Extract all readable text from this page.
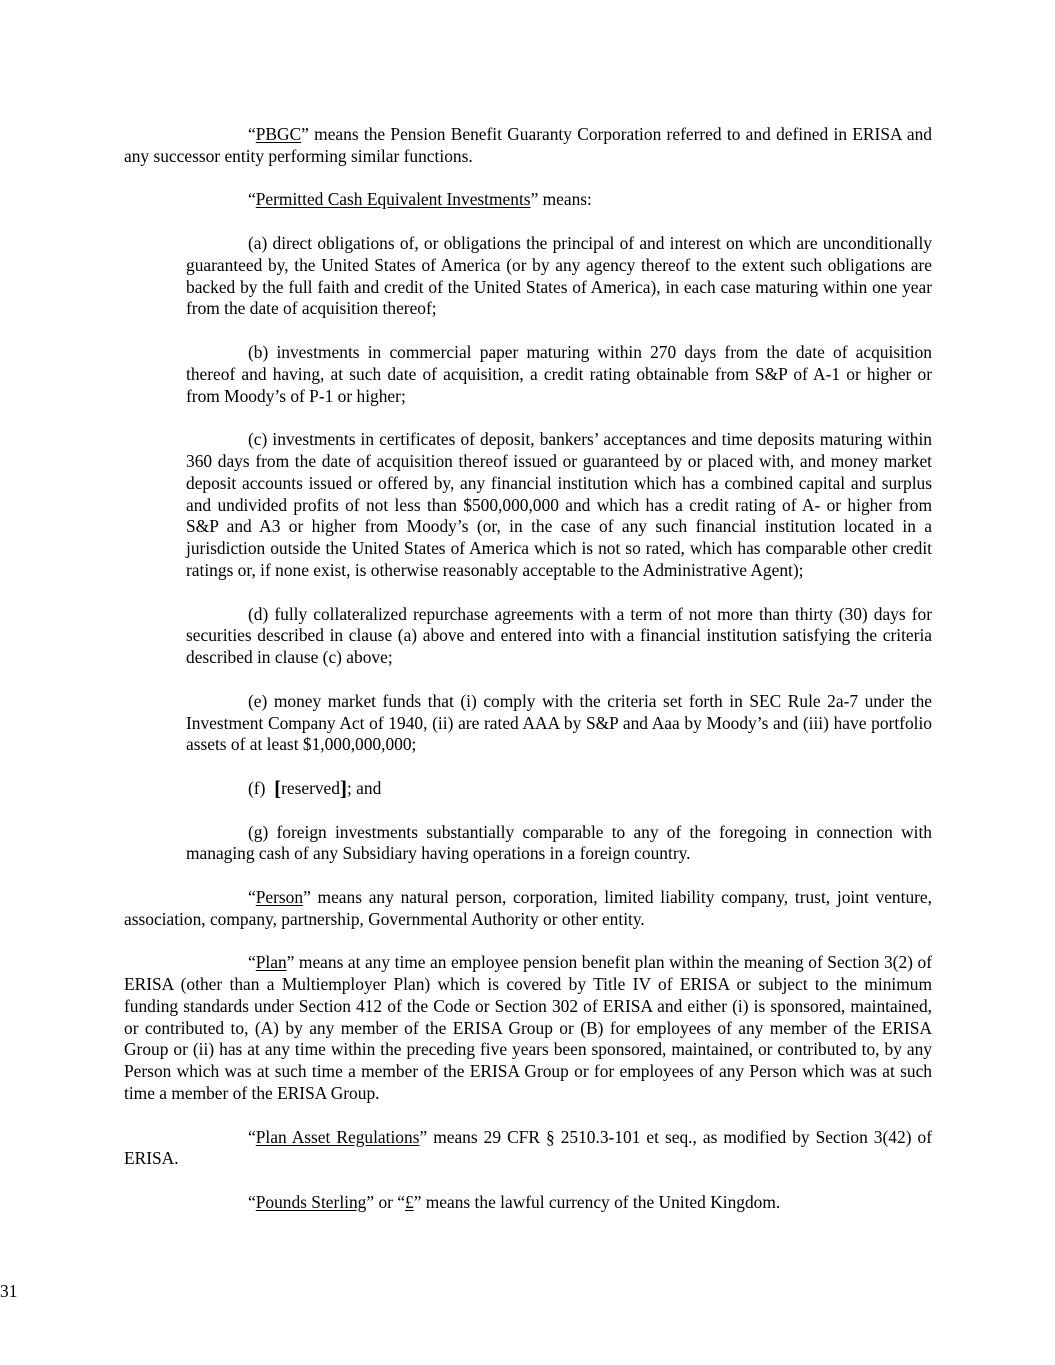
“PBGC” means the Pension Benefit Guaranty Corporation referred to and defined in ERISA and any successor entity performing similar functions.

“Permitted Cash Equivalent Investments” means:

(a) direct obligations of, or obligations the principal of and interest on which are unconditionally guaranteed by, the United States of America (or by any agency thereof to the extent such obligations are backed by the full faith and credit of the United States of America), in each case maturing within one year from the date of acquisition thereof;

(b) investments in commercial paper maturing within 270 days from the date of acquisition thereof and having, at such date of acquisition, a credit rating obtainable from S&P of A-1 or higher or from Moody’s of P-1 or higher;

(c) investments in certificates of deposit, bankers’ acceptances and time deposits maturing within 360 days from the date of acquisition thereof issued or guaranteed by or placed with, and money market deposit accounts issued or offered by, any financial institution which has a combined capital and surplus and undivided profits of not less than $500,000,000 and which has a credit rating of A- or higher from S&P and A3 or higher from Moody’s (or, in the case of any such financial institution located in a jurisdiction outside the United States of America which is not so rated, which has comparable other credit ratings or, if none exist, is otherwise reasonably acceptable to the Administrative Agent);

(d) fully collateralized repurchase agreements with a term of not more than thirty (30) days for securities described in clause (a) above and entered into with a financial institution satisfying the criteria described in clause (c) above;

(e) money market funds that (i) comply with the criteria set forth in SEC Rule 2a-7 under the Investment Company Act of 1940, (ii) are rated AAA by S&P and Aaa by Moody’s and (iii) have portfolio assets of at least $1,000,000,000;

(f)  [reserved]; and

(g) foreign investments substantially comparable to any of the foregoing in connection with managing cash of any Subsidiary having operations in a foreign country.

“Person” means any natural person, corporation, limited liability company, trust, joint venture, association, company, partnership, Governmental Authority or other entity.

“Plan” means at any time an employee pension benefit plan within the meaning of Section 3(2) of ERISA (other than a Multiemployer Plan) which is covered by Title IV of ERISA or subject to the minimum funding standards under Section 412 of the Code or Section 302 of ERISA and either (i) is sponsored, maintained, or contributed to, (A) by any member of the ERISA Group or (B) for employees of any member of the ERISA Group or (ii) has at any time within the preceding five years been sponsored, maintained, or contributed to, by any Person which was at such time a member of the ERISA Group or for employees of any Person which was at such time a member of the ERISA Group.

“Plan Asset Regulations” means 29 CFR § 2510.3-101 et seq., as modified by Section 3(42) of ERISA.

“Pounds Sterling” or “£” means the lawful currency of the United Kingdom.

31
